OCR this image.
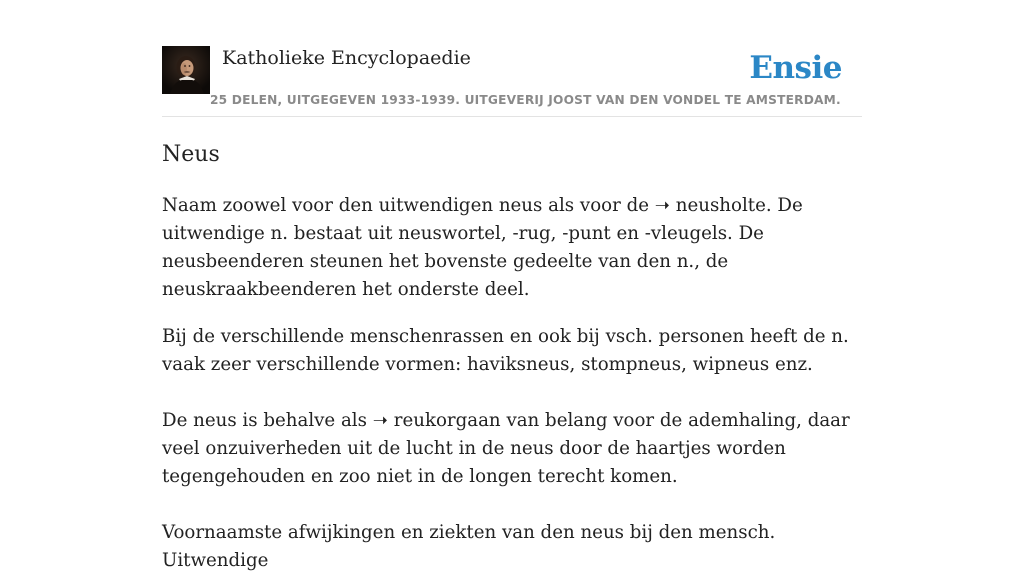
Katholieke Encyclopaedie
25 DELEN, UITGEGEVEN 1933-1939. UITGEVERIJ JOOST VAN DEN VONDEL TE AMSTERDAM.
Ensie
Neus

Naam zoowel voor den uitwendigen neus als voor de ➝ neusholte. De uitwendige n. bestaat uit neuswortel, -rug, -punt en -vleugels. De neusbeenderen steunen het bovenste gedeelte van den n., de neuskraakbeenderen het onderste deel.

Bij de verschillende menschenrassen en ook bij vsch. personen heeft de n. vaak zeer verschillende vormen: haviksneus, stompneus, wipneus enz.

De neus is behalve als ➝ reukorgaan van belang voor de ademhaling, daar veel onzuiverheden uit de lucht in de neus door de haartjes worden tegengehouden en zoo niet in de longen terecht komen.

Voornaamste afwijkingen en ziekten van den neus bij den mensch. Uitwendige
